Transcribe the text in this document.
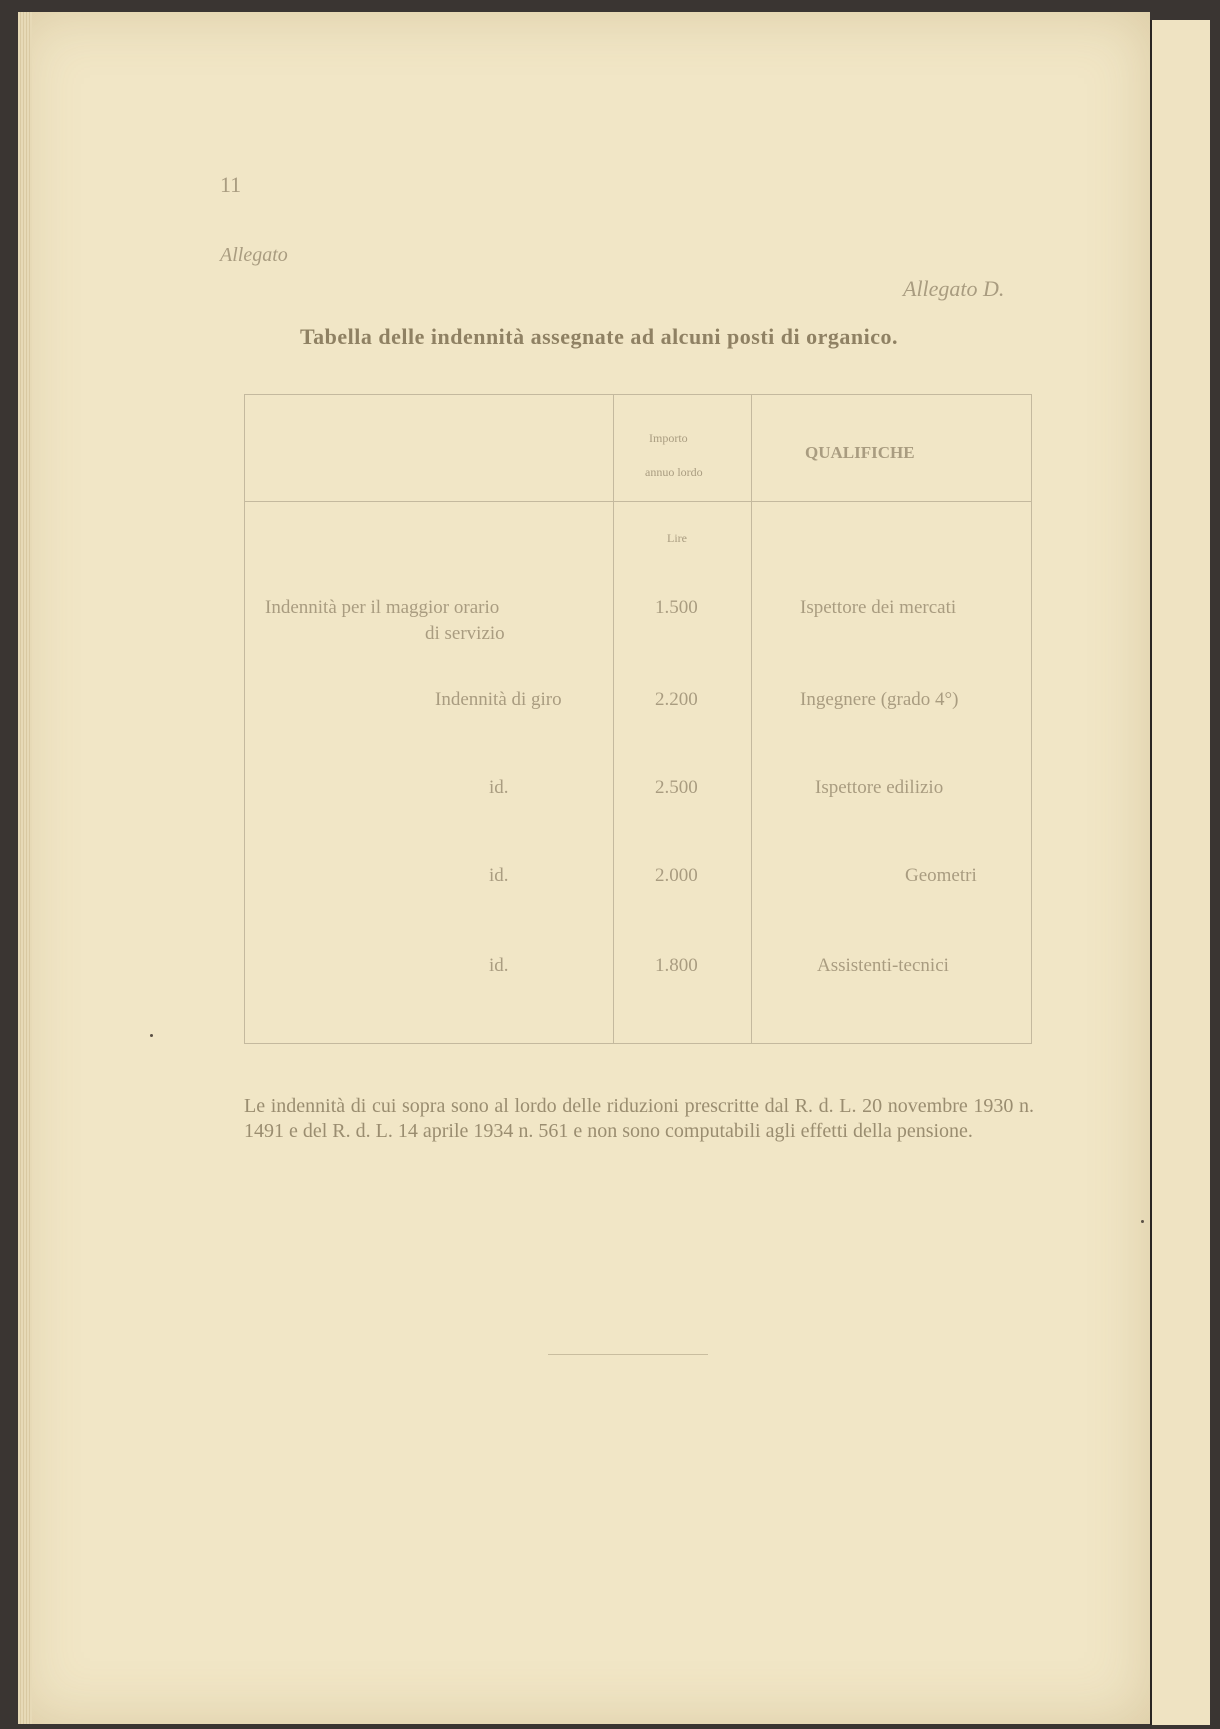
11
Allegato
Allegato D.
Tabella delle indennità assegnate ad alcuni posti di organico.
QUALIFICHE
Importo
annuo lordo
Lire
Ispettore dei mercati
1.500
Indennità per il maggior orario
di servizio
Ingegnere (grado 4°)
2.200
Indennità di giro
Ispettore edilizio
2.500
id.
Geometri
2.000
id.
Assistenti-tecnici
1.800
id.
Le indennità di cui sopra sono al lordo delle riduzioni prescritte dal R. d. L. 20 novembre 1930 n. 1491 e del R. d. L. 14 aprile 1934 n. 561 e non sono computabili agli effetti della pensione.
